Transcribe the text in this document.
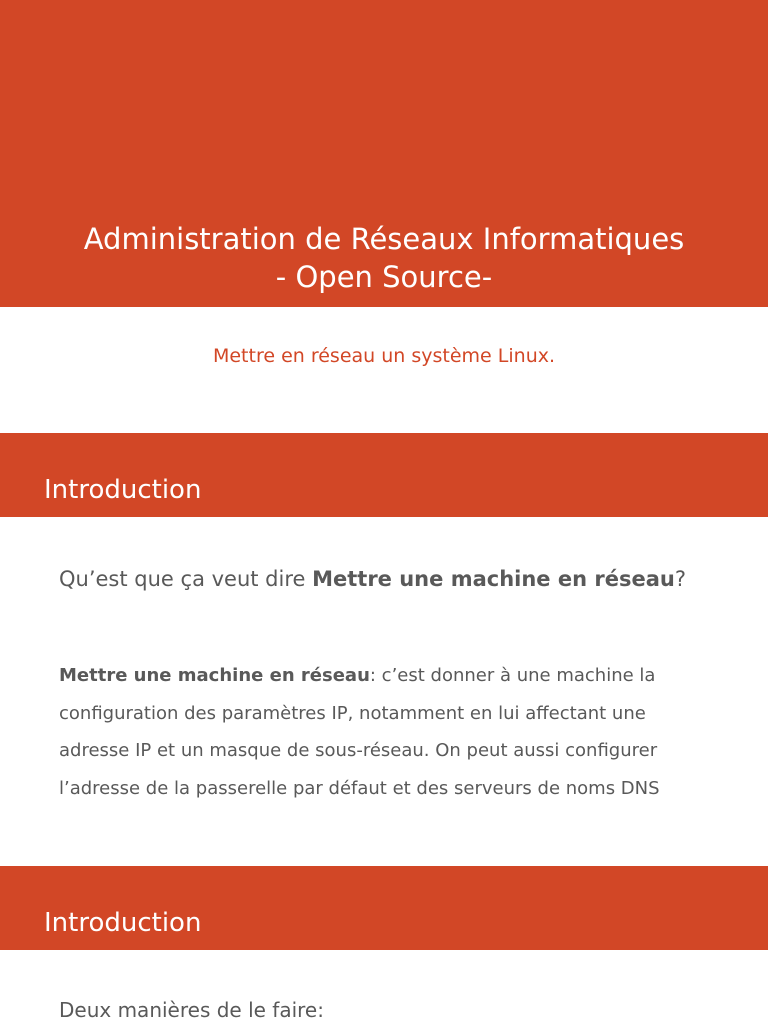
Administration de Réseaux Informatiques
- Open Source-
Mettre en réseau un système Linux.
Introduction
Qu’est que ça veut dire Mettre une machine en réseau?
Mettre une machine en réseau: c’est donner à une machine la configuration des paramètres IP, notamment en lui affectant une adresse IP et un masque de sous-réseau. On peut aussi configurer l’adresse de la passerelle par défaut et des serveurs de noms DNS
Introduction
Deux manières de le faire:
